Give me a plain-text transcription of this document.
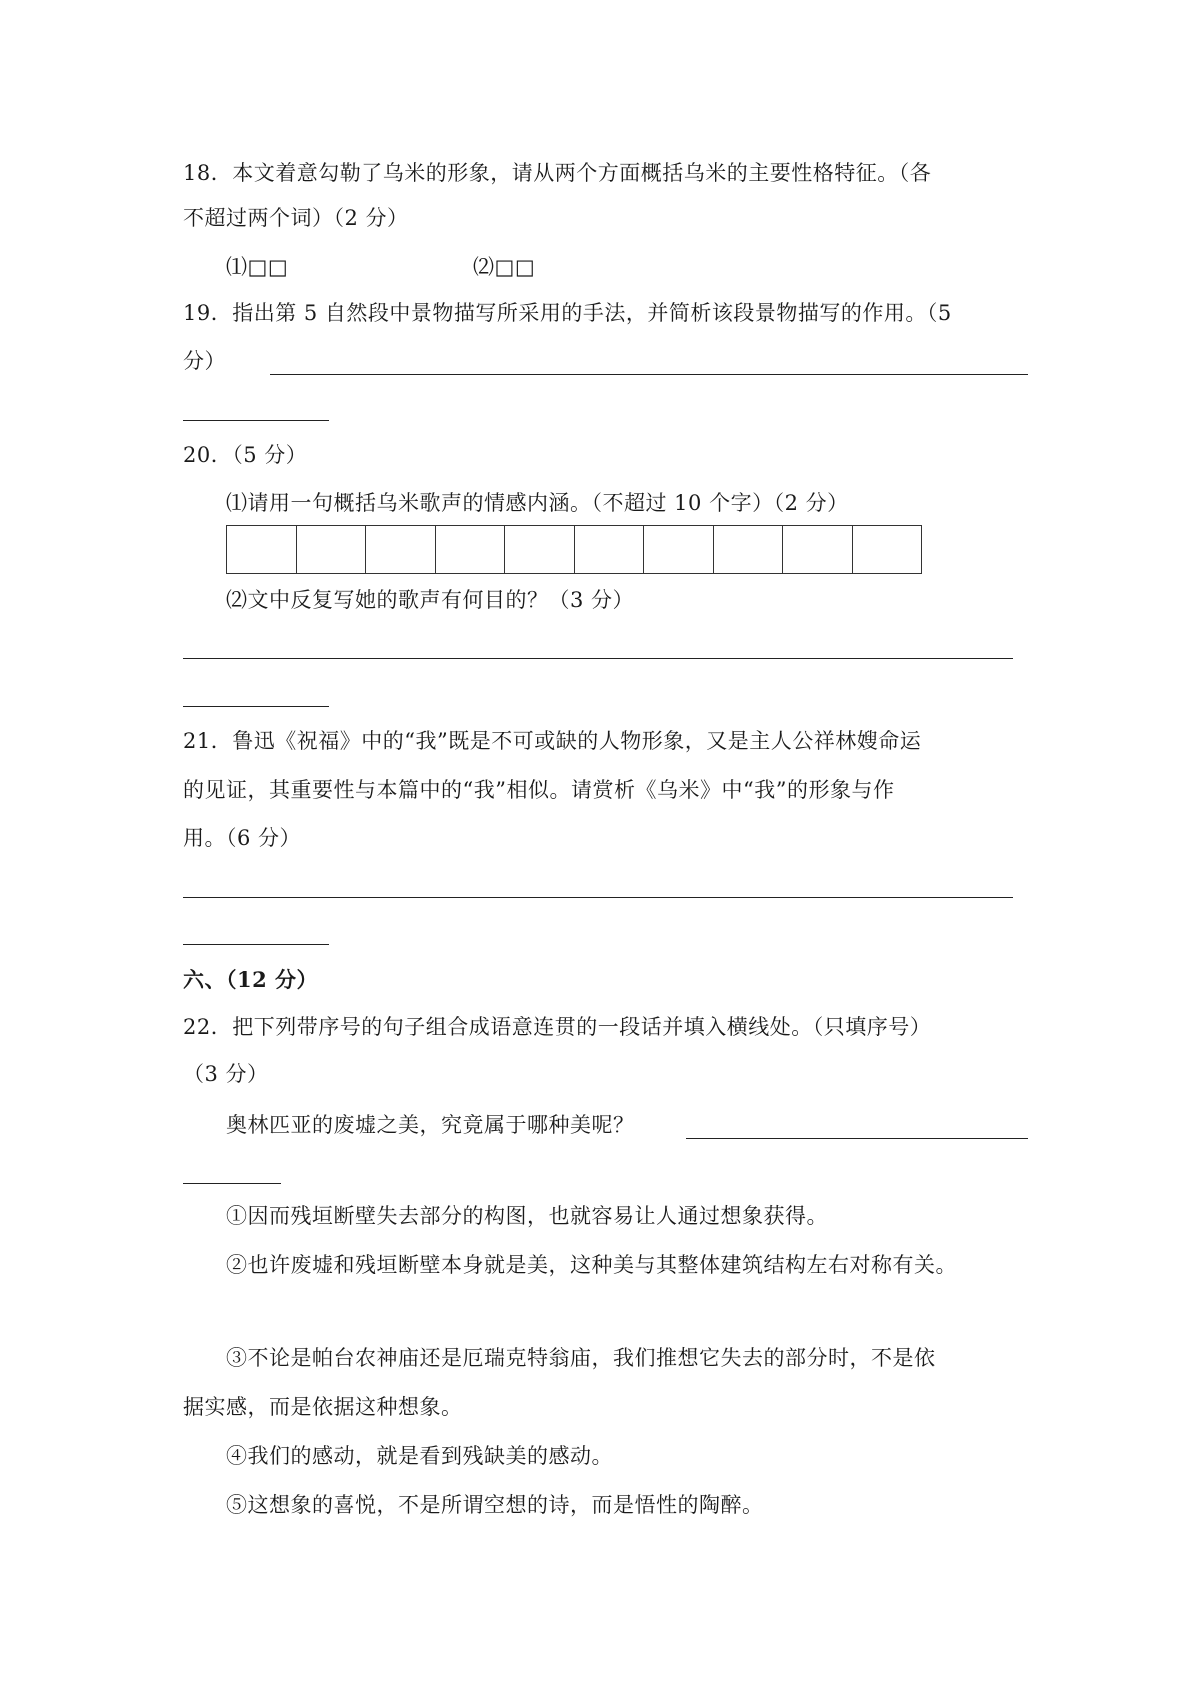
18．本文着意勾勒了乌米的形象，请从两个方面概括乌米的主要性格特征。（各
不超过两个词）（2 分）
⑴□□	⑵□□
19．指出第 5 自然段中景物描写所采用的手法，并简析该段景物描写的作用。（5
分）
20．（5 分）
⑴请用一句概括乌米歌声的情感内涵。（不超过 10 个字）（2 分）
⑵文中反复写她的歌声有何目的？（3 分）
21．鲁迅《祝福》中的“我”既是不可或缺的人物形象，又是主人公祥林嫂命运
的见证，其重要性与本篇中的“我”相似。请赏析《乌米》中“我”的形象与作
用。（6 分）
六、（12 分）
22．把下列带序号的句子组合成语意连贯的一段话并填入横线处。（只填序号）
（3 分）
奥林匹亚的废墟之美，究竟属于哪种美呢？
①因而残垣断壁失去部分的构图，也就容易让人通过想象获得。
②也许废墟和残垣断壁本身就是美，这种美与其整体建筑结构左右对称有关。
③不论是帕台农神庙还是厄瑞克特翁庙，我们推想它失去的部分时，不是依
据实感，而是依据这种想象。
④我们的感动，就是看到残缺美的感动。
⑤这想象的喜悦，不是所谓空想的诗，而是悟性的陶醉。
